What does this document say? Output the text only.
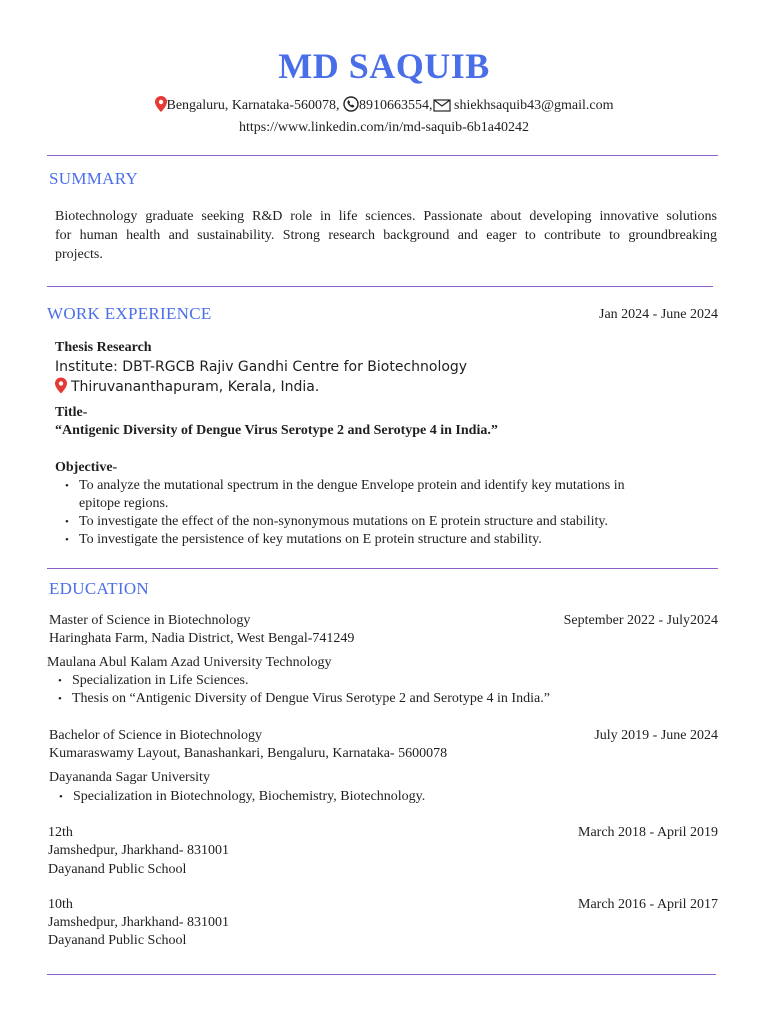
MD SAQUIB
Bengaluru, Karnataka-560078, 8910663554, shiekhsaquib43@gmail.com
https://www.linkedin.com/in/md-saquib-6b1a40242
SUMMARY
Biotechnology graduate seeking R&D role in life sciences. Passionate about developing innovative solutions
for human health and sustainability. Strong research background and eager to contribute to groundbreaking
projects.
WORK EXPERIENCE	Jan 2024 - June 2024
Thesis Research
Institute: DBT-RGCB Rajiv Gandhi Centre for Biotechnology
Thiruvananthapuram, Kerala, India.
Title-
“Antigenic Diversity of Dengue Virus Serotype 2 and Serotype 4 in India.”
Objective-
• To analyze the mutational spectrum in the dengue Envelope protein and identify key mutations in
epitope regions.
• To investigate the effect of the non-synonymous mutations on E protein structure and stability.
• To investigate the persistence of key mutations on E protein structure and stability.
EDUCATION
Master of Science in Biotechnology	September 2022 - July2024
Haringhata Farm, Nadia District, West Bengal-741249
Maulana Abul Kalam Azad University Technology
• Specialization in Life Sciences.
• Thesis on “Antigenic Diversity of Dengue Virus Serotype 2 and Serotype 4 in India.”
Bachelor of Science in Biotechnology	July 2019 - June 2024
Kumaraswamy Layout, Banashankari, Bengaluru, Karnataka- 5600078
Dayananda Sagar University
• Specialization in Biotechnology, Biochemistry, Biotechnology.
12th	March 2018 - April 2019
Jamshedpur, Jharkhand- 831001
Dayanand Public School
10th	March 2016 - April 2017
Jamshedpur, Jharkhand- 831001
Dayanand Public School
